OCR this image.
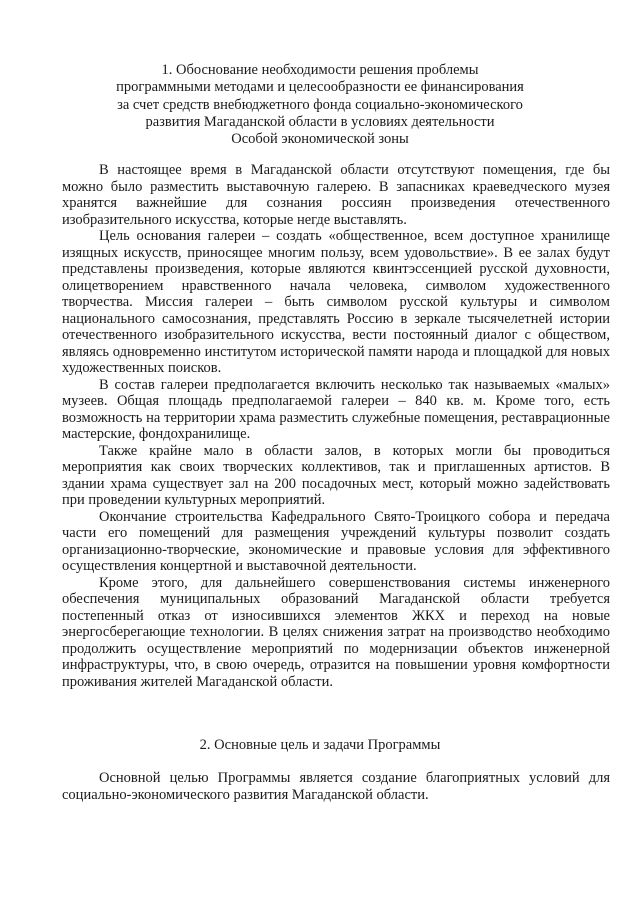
1. Обоснование необходимости решения проблемы
программными методами и целесообразности ее финансирования
за счет средств внебюджетного фонда социально-экономического
развития Магаданской области в условиях деятельности
Особой экономической зоны

В настоящее время в Магаданской области отсутствуют помещения, где бы можно было разместить выставочную галерею. В запасниках краеведческого музея хранятся важнейшие для сознания россиян произведения отечественного изобразительного искусства, которые негде выставлять.

Цель основания галереи – создать «общественное, всем доступное хранилище изящных искусств, приносящее многим пользу, всем удовольствие». В ее залах будут представлены произведения, которые являются квинтэссенцией русской духовности, олицетворением нравственного начала человека, символом художественного творчества. Миссия галереи – быть символом русской культуры и символом национального самосознания, представлять Россию в зеркале тысячелетней истории отечественного изобразительного искусства, вести постоянный диалог с обществом, являясь одновременно институтом исторической памяти народа и площадкой для новых художественных поисков.

В состав галереи предполагается включить несколько так называемых «малых» музеев. Общая площадь предполагаемой галереи – 840 кв. м. Кроме того, есть возможность на территории храма разместить служебные помещения, реставрационные мастерские, фондохранилище.

Также крайне мало в области залов, в которых могли бы проводиться мероприятия как своих творческих коллективов, так и приглашенных артистов. В здании храма существует зал на 200 посадочных мест, который можно задействовать при проведении культурных мероприятий.

Окончание строительства Кафедрального Свято-Троицкого собора и передача части его помещений для размещения учреждений культуры позволит создать организационно-творческие, экономические и правовые условия для эффективного осуществления концертной и выставочной деятельности.

Кроме этого, для дальнейшего совершенствования системы инженерного обеспечения муниципальных образований Магаданской области требуется постепенный отказ от износившихся элементов ЖКХ и переход на новые энергосберегающие технологии. В целях снижения затрат на производство необходимо продолжить осуществление мероприятий по модернизации объектов инженерной инфраструктуры, что, в свою очередь, отразится на повышении уровня комфортности проживания жителей Магаданской области.

2. Основные цель и задачи Программы

Основной целью Программы является создание благоприятных условий для социально-экономического развития Магаданской области.
